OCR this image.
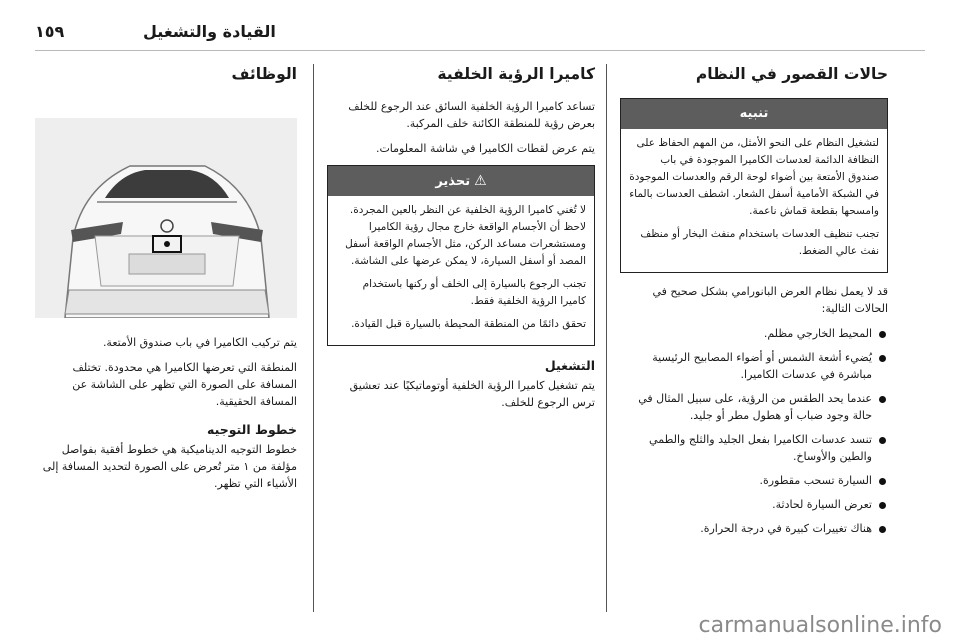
١٥٩	القيادة والتشغيل
حالات القصور في النظام
تنبيه
لتشغيل النظام على النحو الأمثل، من المهم الحفاظ على النظافة الدائمة لعدسات الكاميرا الموجودة في باب صندوق الأمتعة بين أضواء لوحة الرقم والعدسات الموجودة في الشبكة الأمامية أسفل الشعار. اشطف العدسات بالماء وامسحها بقطعة قماش ناعمة.
تجنب تنظيف العدسات باستخدام منفث البخار أو منظف نفث عالي الضغط.
قد لا يعمل نظام العرض البانورامي بشكل صحيح في الحالات التالية:
المحيط الخارجي مظلم.
يُضيء أشعة الشمس أو أضواء المصابيح الرئيسية مباشرة في عدسات الكاميرا.
عندما يحد الطقس من الرؤية، على سبيل المثال في حالة وجود ضباب أو هطول مطر أو جليد.
تنسد عدسات الكاميرا بفعل الجليد والثلج والطمي والطين والأوساخ.
السيارة تسحب مقطورة.
تعرض السيارة لحادثة.
هناك تغييرات كبيرة في درجة الحرارة.
كاميرا الرؤية الخلفية
تساعد كاميرا الرؤية الخلفية السائق عند الرجوع للخلف بعرض رؤية للمنطقة الكائنة خلف المركبة.
يتم عرض لقطات الكاميرا في شاشة المعلومات.
⚠تحذير
لا تُغني كاميرا الرؤية الخلفية عن النظر بالعين المجردة. لاحظ أن الأجسام الواقعة خارج مجال رؤية الكاميرا ومستشعرات مساعد الركن، مثل الأجسام الواقعة أسفل المصد أو أسفل السيارة، لا يمكن عرضها على الشاشة.
تجنب الرجوع بالسيارة إلى الخلف أو ركنها باستخدام كاميرا الرؤية الخلفية فقط.
تحقق دائمًا من المنطقة المحيطة بالسيارة قبل القيادة.
التشغيل
يتم تشغيل كاميرا الرؤية الخلفية أوتوماتيكيًا عند تعشيق ترس الرجوع للخلف.
الوظائف
يتم تركيب الكاميرا في باب صندوق الأمتعة.
المنطقة التي تعرضها الكاميرا هي محدودة. تختلف المسافة على الصورة التي تظهر على الشاشة عن المسافة الحقيقية.
خطوط التوجيه
خطوط التوجيه الديناميكية هي خطوط أفقية بفواصل مؤلفة من ١ متر تُعرض على الصورة لتحديد المسافة إلى الأشياء التي تظهر.
carmanualsonline.info
